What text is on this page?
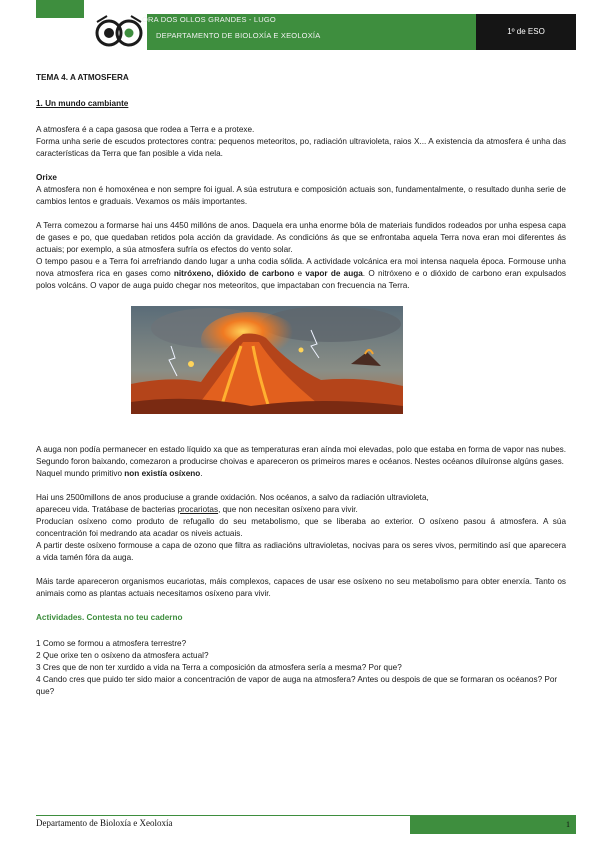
ÓRA DOS OLLOS GRANDES - LUGO
DEPARTAMENTO DE BIOLOXÍA E XEOLOXÍA	1º de ESO
TEMA 4. A ATMOSFERA
1. Un mundo cambiante

A atmosfera é a capa gasosa que rodea a Terra e a protexe.

Forma unha serie de escudos protectores contra: pequenos meteoritos, po, radiación ultravioleta, raios X... A existencia da atmosfera é unha das características da Terra que fan posible a vida nela.

Orixe

A atmosfera non é homoxénea e non sempre foi igual. A súa estrutura e composición actuais son, fundamentalmente, o resultado dunha serie de cambios lentos e graduais. Vexamos os máis importantes.

A Terra comezou a formarse hai uns 4450 millóns de anos. Daquela era unha enorme bóla de materiais fundidos rodeados por unha espesa capa de gases e po, que quedaban retidos pola acción da gravidade. As condicións ás que se enfrontaba aquela Terra nova eran moi diferentes ás actuais; por exemplo, a súa atmosfera sufría os efectos do vento solar.

O tempo pasou e a Terra foi arrefriando dando lugar a unha codia sólida. A actividade volcánica era moi intensa naquela época. Formouse unha nova atmosfera rica en gases como nitróxeno, dióxido de carbono e vapor de auga. O nitróxeno e o dióxido de carbono eran expulsados polos volcáns. O vapor de auga puido chegar nos meteoritos, que impactaban con frecuencia na Terra.

A auga non podía permanecer en estado líquido xa que as temperaturas eran aínda moi elevadas, polo que estaba en forma de vapor nas nubes. Segundo foron baixando, comezaron a producirse choivas e apareceron os primeiros mares e océanos. Nestes océanos diluíronse algúns gases.

Naquel mundo primitivo non existía osíxeno.

Hai uns 2500millons de anos produciuse a grande oxidación. Nos océanos, a salvo da radiación ultravioleta,

apareceu vida. Tratábase de bacterias procariotas, que non necesitan osíxeno para vivir.

Producían osíxeno como produto de refugallo do seu metabolismo, que se liberaba ao exterior. O osíxeno pasou á atmosfera. A súa concentración foi medrando ata acadar os niveis actuais.

A partir deste osíxeno formouse a capa de ozono que filtra as radiacións ultravioletas, nocivas para os seres vivos, permitindo así que aparecera a vida tamén fóra da auga.

Máis tarde apareceron organismos eucariotas, máis complexos, capaces de usar ese osíxeno no seu metabolismo para obter enerxía. Tanto os animais como as plantas actuais necesitamos osíxeno para vivir.

Actividades. Contesta no teu caderno
1 Como se formou a atmosfera terrestre?
2 Que orixe ten o osíxeno da atmosfera actual?
3 Cres que de non ter xurdido a vida na Terra a composición da atmosfera sería a mesma? Por que?
4 Cando cres que puido ter sido maior a concentración de vapor de auga na atmosfera? Antes ou despois de que se formaran os océanos? Por que?
Departamento de Bioloxía e Xeoloxía	1
